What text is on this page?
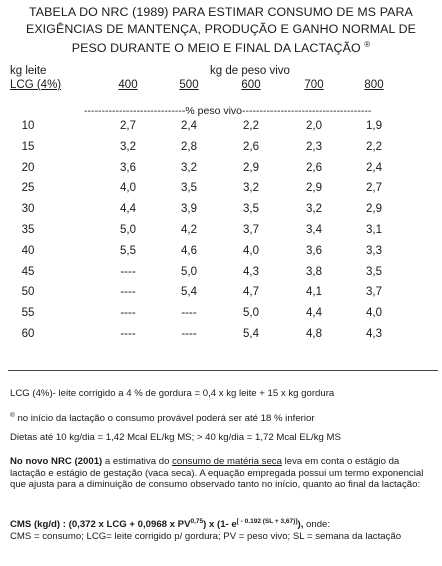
TABELA DO NRC (1989) PARA ESTIMAR CONSUMO DE MS PARA
EXIGÊNCIAS DE MANTENÇA, PRODUÇÃO E GANHO NORMAL DE
PESO DURANTE O MEIO E FINAL DA LACTAÇÃO ®
kg leite
LCG (4%)
kg de peso vivo
400	500	600	700	800
-----------------------------% peso vivo-------------------------------------
10	2,7	2,4	2,2	2,0	1,9
15	3,2	2,8	2,6	2,3	2,2
20	3,6	3,2	2,9	2,6	2,4
25	4,0	3,5	3,2	2,9	2,7
30	4,4	3,9	3,5	3,2	2,9
35	5,0	4,2	3,7	3,4	3,1
40	5,5	4,6	4,0	3,6	3,3
45	----	5,0	4,3	3,8	3,5
50	----	5,4	4,7	4,1	3,7
55	----	----	5,0	4,4	4,0
60	----	----	5,4	4,8	4,3
LCG (4%)- leite corrigido a 4 % de gordura = 0,4 x kg leite + 15 x kg gordura
® no início da lactação o consumo provável poderá ser até 18 % inferior
Dietas até 10 kg/dia = 1,42 Mcal EL/kg MS; > 40 kg/dia = 1,72 Mcal EL/kg MS
No novo NRC (2001) a estimativa do consumo de matéria seca leva em conta o estágio da lactação e estágio de gestação (vaca seca). A equação empregada possui um termo exponencial que ajusta para a diminuição de consumo observado tanto no início, quanto ao final da lactação:
CMS (kg/d) : (0,372 x LCG + 0,0968 x PV$^{0,75}$) x (1- e[ - 0.192 (SL + 3,67)]), onde:
CMS = consumo; LCG= leite corrigido p/ gordura; PV = peso vivo; SL = semana da lactação
